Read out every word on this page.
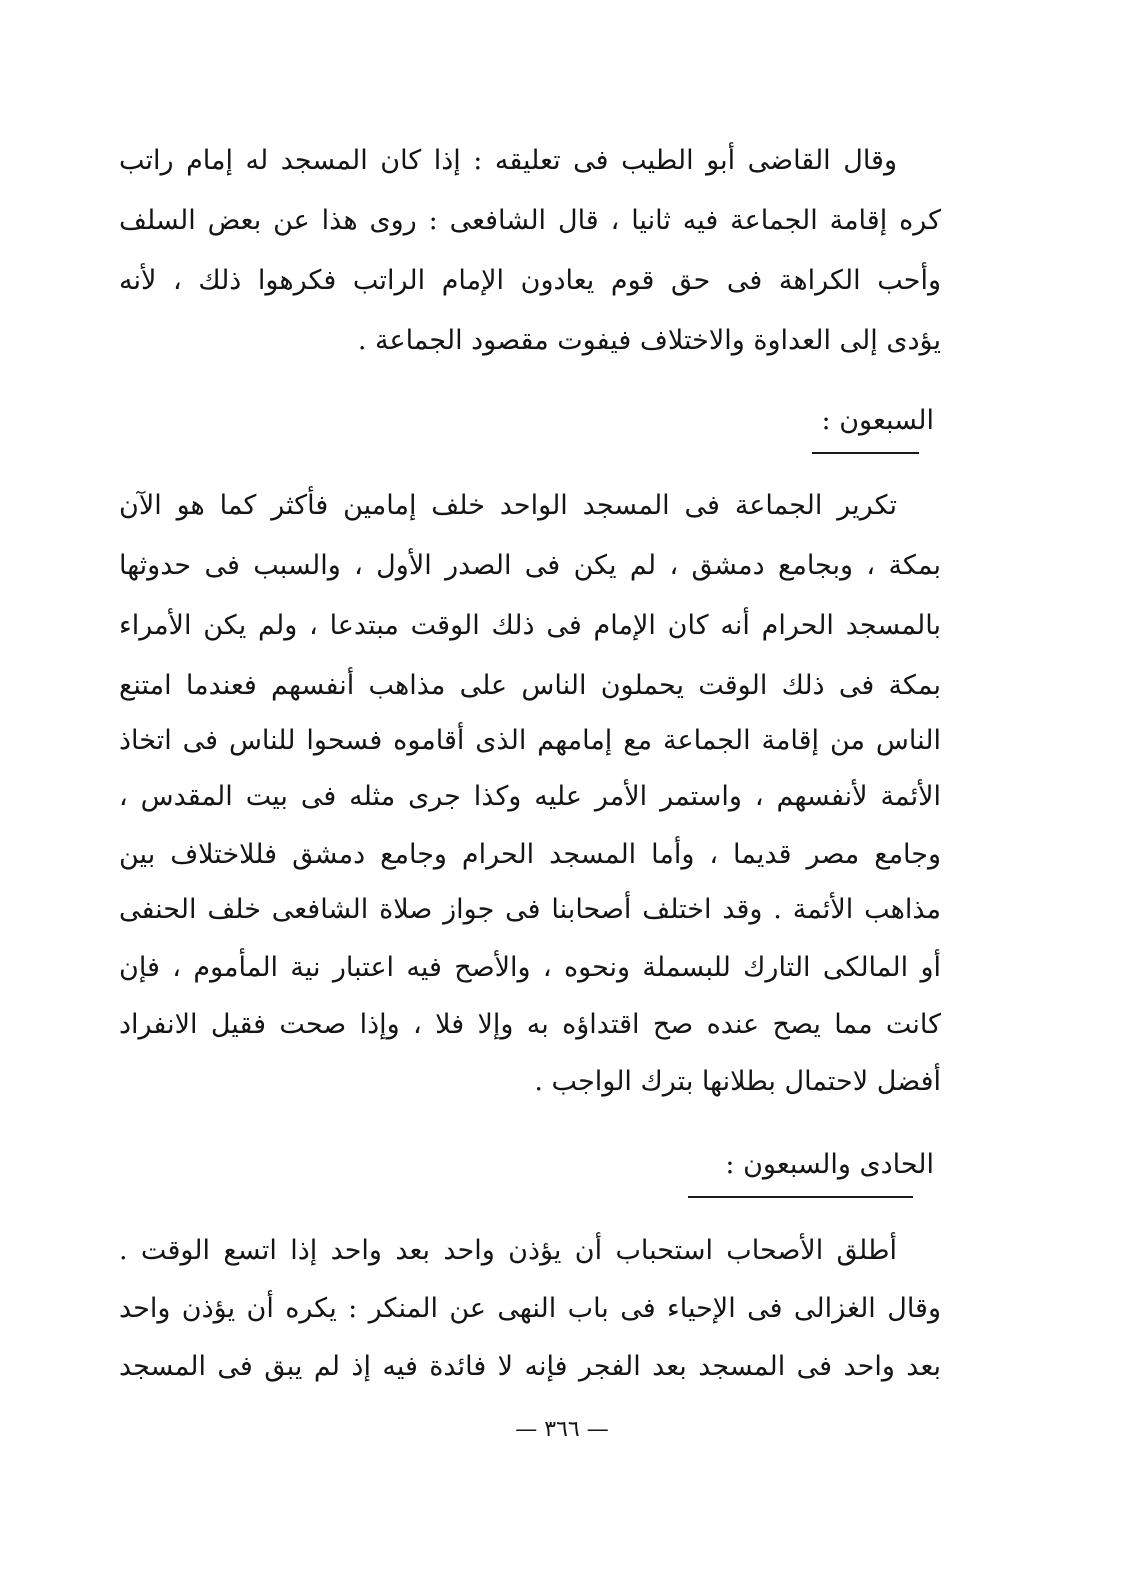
وقال القاضى أبو الطيب فى تعليقه : إذا كان المسجد له إمام راتب
كره إقامة الجماعة فيه ثانيا ، قال الشافعى : روى هذا عن بعض السلف
وأحب الكراهة فى حق قوم يعادون الإمام الراتب فكرهوا ذلك ، لأنه
يؤدى إلى العداوة والاختلاف فيفوت مقصود الجماعة .
السبعون :
تكرير الجماعة فى المسجد الواحد خلف إمامين فأكثر كما هو الآن
بمكة ، وبجامع دمشق ، لم يكن فى الصدر الأول ، والسبب فى حدوثها
بالمسجد الحرام أنه كان الإمام فى ذلك الوقت مبتدعا ، ولم يكن الأمراء
بمكة فى ذلك الوقت يحملون الناس على مذاهب أنفسهم فعندما امتنع
الناس من إقامة الجماعة مع إمامهم الذى أقاموه فسحوا للناس فى اتخاذ
الأئمة لأنفسهم ، واستمر الأمر عليه وكذا جرى مثله فى بيت المقدس ،
وجامع مصر قديما ، وأما المسجد الحرام وجامع دمشق فللاختلاف بين
مذاهب الأئمة . وقد اختلف أصحابنا فى جواز صلاة الشافعى خلف الحنفى
أو المالكى التارك للبسملة ونحوه ، والأصح فيه اعتبار نية المأموم ، فإن
كانت مما يصح عنده صح اقتداؤه به وإلا فلا ، وإذا صحت فقيل الانفراد
أفضل لاحتمال بطلانها بترك الواجب .
الحادى والسبعون :
أطلق الأصحاب استحباب أن يؤذن واحد بعد واحد إذا اتسع الوقت .
وقال الغزالى فى الإحياء فى باب النهى عن المنكر : يكره أن يؤذن واحد
بعد واحد فى المسجد بعد الفجر فإنه لا فائدة فيه إذ لم يبق فى المسجد
— ٣٦٦ —
